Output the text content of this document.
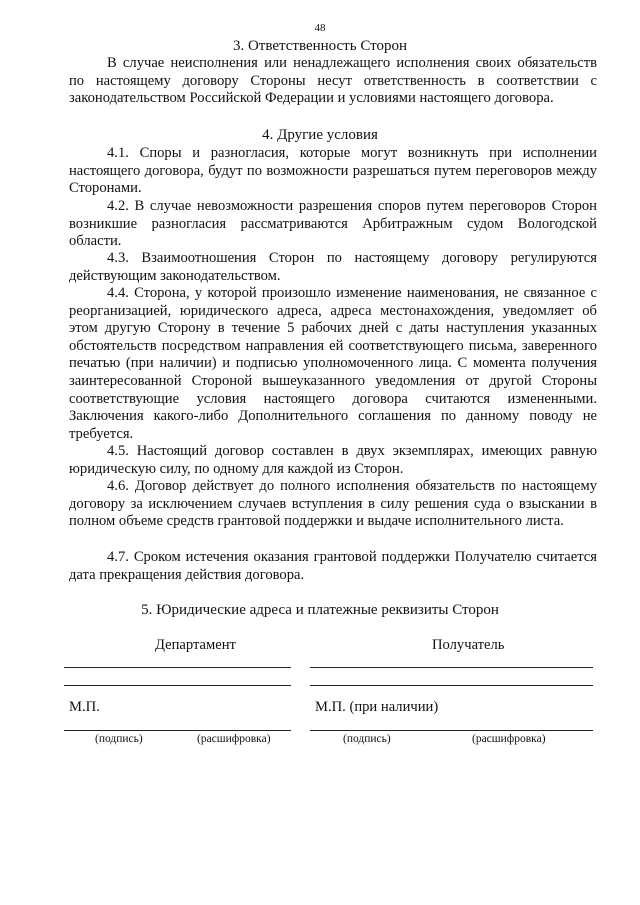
48
3. Ответственность Сторон

В случае неисполнения или ненадлежащего исполнения своих обязательств по настоящему договору Стороны несут ответственность в соответствии с законодательством Российской Федерации и условиями настоящего договора.

4. Другие условия

4.1. Споры и разногласия, которые могут возникнуть при исполнении настоящего договора, будут по возможности разрешаться путем переговоров между Сторонами.

4.2. В случае невозможности разрешения споров путем переговоров Сторон возникшие разногласия рассматриваются Арбитражным судом Вологодской области.

4.3. Взаимоотношения Сторон по настоящему договору регулируются действующим законодательством.

4.4. Сторона, у которой произошло изменение наименования, не связанное с реорганизацией, юридического адреса, адреса местонахождения, уведомляет об этом другую Сторону в течение 5 рабочих дней с даты наступления указанных обстоятельств посредством направления ей соответствующего письма, заверенного печатью (при наличии) и подписью уполномоченного лица. С момента получения заинтересованной Стороной вышеуказанного уведомления от другой Стороны соответствующие условия настоящего договора считаются измененными. Заключения какого-либо Дополнительного соглашения по данному поводу не требуется.

4.5. Настоящий договор составлен в двух экземплярах, имеющих равную юридическую силу, по одному для каждой из Сторон.

4.6. Договор действует до полного исполнения обязательств по настоящему договору за исключением случаев вступления в силу решения суда о взыскании в полном объеме средств грантовой поддержки и выдаче исполнительного листа.

4.7. Сроком истечения оказания грантовой поддержки Получателю считается дата прекращения действия договора.

5. Юридические адреса и платежные реквизиты Сторон
Департамент
М.П.
(подпись)	(расшифровка)
Получатель
М.П. (при наличии)
(подпись)	(расшифровка)
